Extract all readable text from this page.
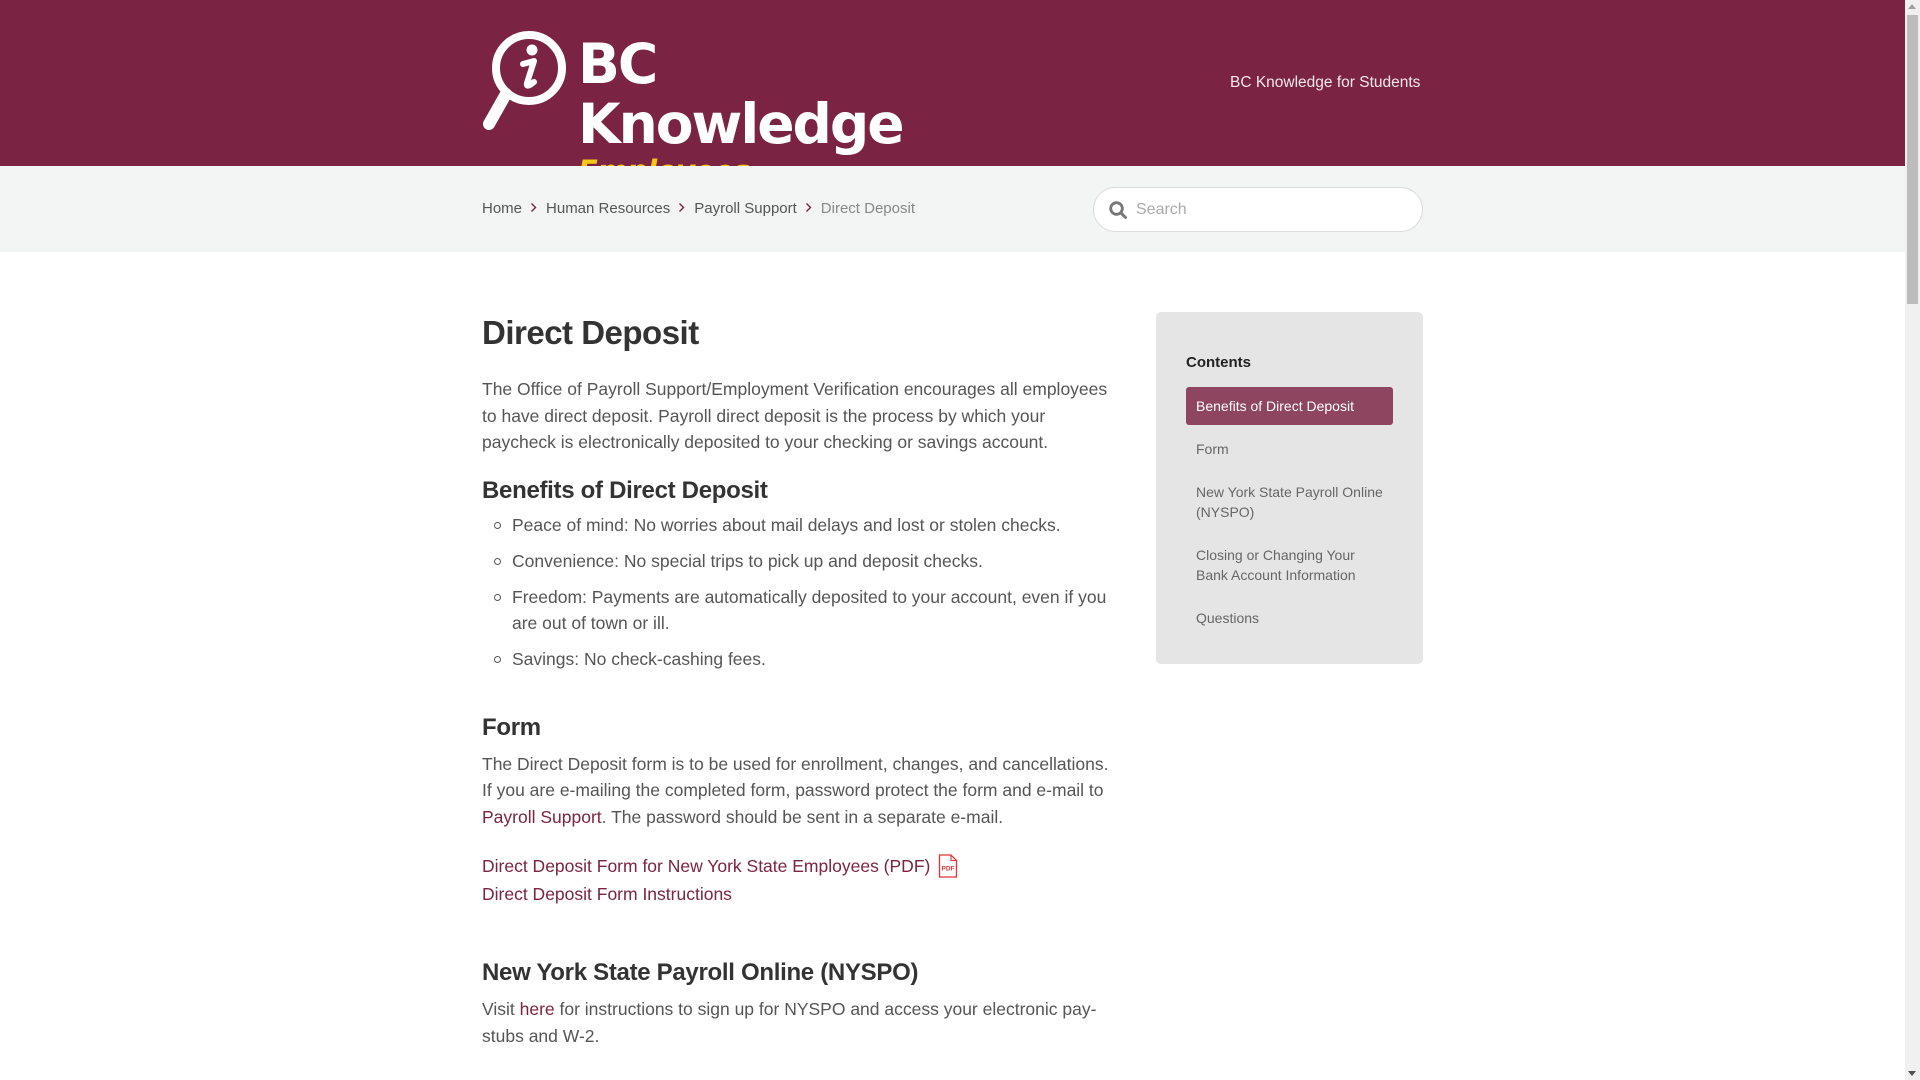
BC Knowledge
BC Knowledge for Students
Home Human Resources Payroll Support Direct Deposit
Search
Direct Deposit

The Office of Payroll Support/Employment Verification encourages all employees to have direct deposit. Payroll direct deposit is the process by which your paycheck is electronically deposited to your checking or savings account.

Benefits of Direct Deposit
Peace of mind: No worries about mail delays and lost or stolen checks.
Convenience: No special trips to pick up and deposit checks.
Freedom: Payments are automatically deposited to your account, even if you are out of town or ill.
Savings: No check-cashing fees.
Form

The Direct Deposit form is to be used for enrollment, changes, and cancellations. If you are e-mailing the completed form, password protect the form and e-mail to Payroll Support. The password should be sent in a separate e-mail.

Direct Deposit Form for New York State Employees (PDF) PDF
Direct Deposit Form Instructions
New York State Payroll Online (NYSPO)

Visit here for instructions to sign up for NYSPO and access your electronic pay-stubs and W-2.

Contents
Benefits of Direct Deposit
Form
New York State Payroll Online (NYSPO)
Closing or Changing Your Bank Account Information
Questions
